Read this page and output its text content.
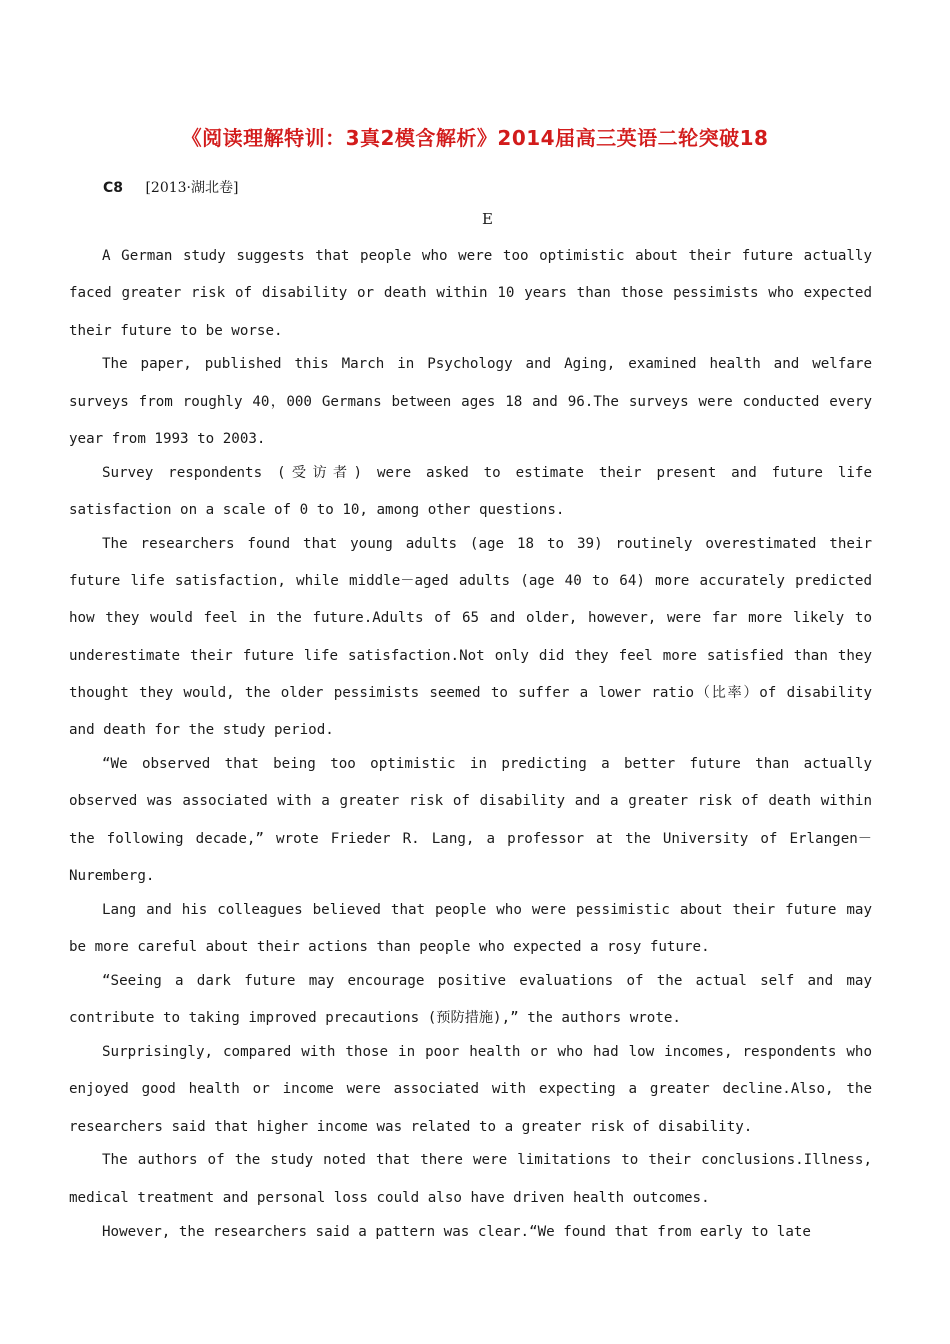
《阅读理解特训：3真2模含解析》2014届高三英语二轮突破18
C8 [2013·湖北卷]
E

A German study suggests that people who were too optimistic about their future actually faced greater risk of disability or death within 10 years than those pessimists who expected their future to be worse.

The paper, published this March in Psychology and Aging, examined health and welfare surveys from roughly 40，000 Germans between ages 18 and 96.The surveys were conducted every year from 1993 to 2003.

Survey respondents (受访者) were asked to estimate their present and future life satisfaction on a scale of 0 to 10, among other questions.

The researchers found that young adults (age 18 to 39) routinely overestimated their future life satisfaction, while middle－aged adults (age 40 to 64) more accurately predicted how they would feel in the future.Adults of 65 and older, however, were far more likely to underestimate their future life satisfaction.Not only did they feel more satisfied than they thought they would, the older pessimists seemed to suffer a lower ratio（比率）of disability and death for the study period.

“We observed that being too optimistic in predicting a better future than actually observed was associated with a greater risk of disability and a greater risk of death within the following decade,” wrote Frieder R. Lang, a professor at the University of Erlangen－Nuremberg.

Lang and his colleagues believed that people who were pessimistic about their future may be more careful about their actions than people who expected a rosy future.

“Seeing a dark future may encourage positive evaluations of the actual self and may contribute to taking improved precautions (预防措施),” the authors wrote.

Surprisingly, compared with those in poor health or who had low incomes, respondents who enjoyed good health or income were associated with expecting a greater decline.Also, the researchers said that higher income was related to a greater risk of disability.

The authors of the study noted that there were limitations to their conclusions.Illness, medical treatment and personal loss could also have driven health outcomes.

However, the researchers said a pattern was clear.“We found that from early to late
